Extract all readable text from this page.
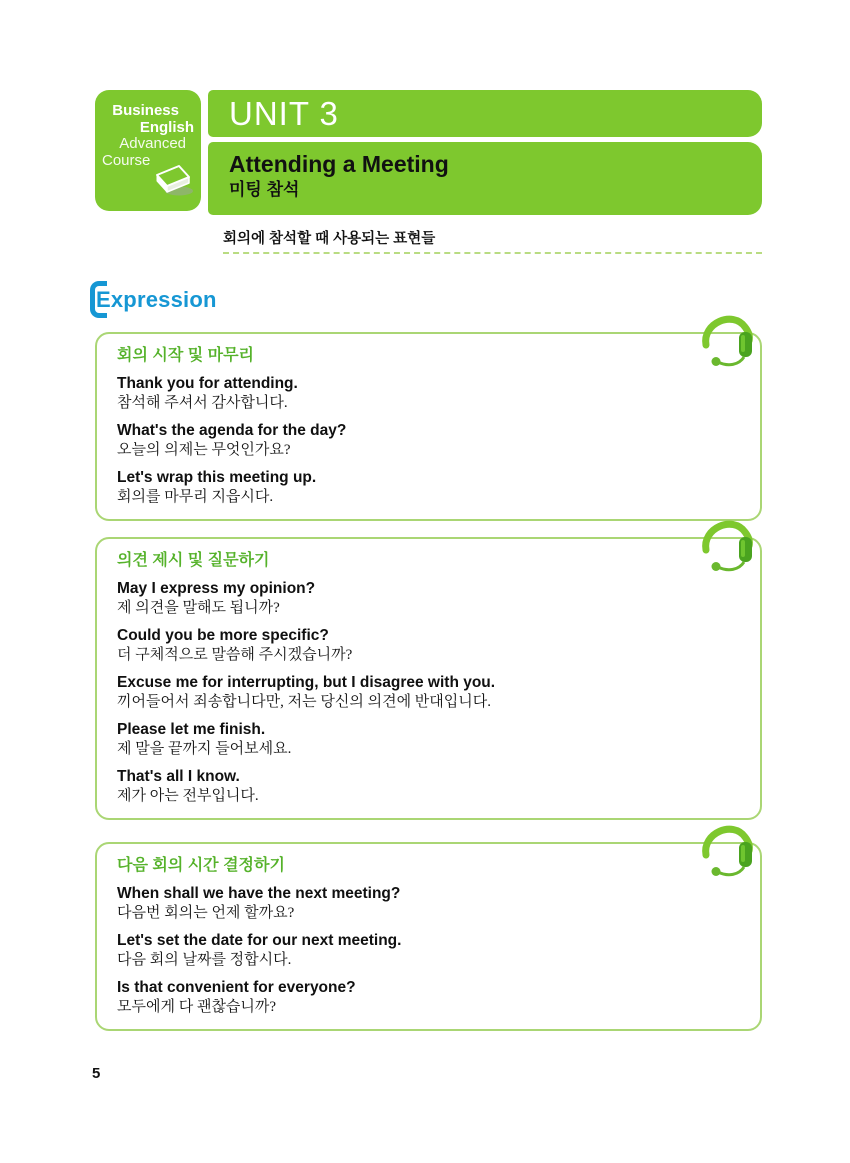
Business
English
Advanced
Course
UNIT 3
Attending a Meeting
미팅 참석
회의에 참석할 때 사용되는 표현들
Expression
회의 시작 및 마무리
Thank you for attending.
참석해 주셔서 감사합니다.
What's the agenda for the day?
오늘의 의제는 무엇인가요?
Let's wrap this meeting up.
회의를 마무리 지읍시다.
의견 제시 및 질문하기
May I express my opinion?
제 의견을 말해도 됩니까?
Could you be more specific?
더 구체적으로 말씀해 주시겠습니까?
Excuse me for interrupting, but I disagree with you.
끼어들어서 죄송합니다만, 저는 당신의 의견에 반대입니다.
Please let me finish.
제 말을 끝까지 들어보세요.
That's all I know.
제가 아는 전부입니다.
다음 회의 시간 결정하기
When shall we have the next meeting?
다음번 회의는 언제 할까요?
Let's set the date for our next meeting.
다음 회의 날짜를 정합시다.
Is that convenient for everyone?
모두에게 다 괜찮습니까?
5
